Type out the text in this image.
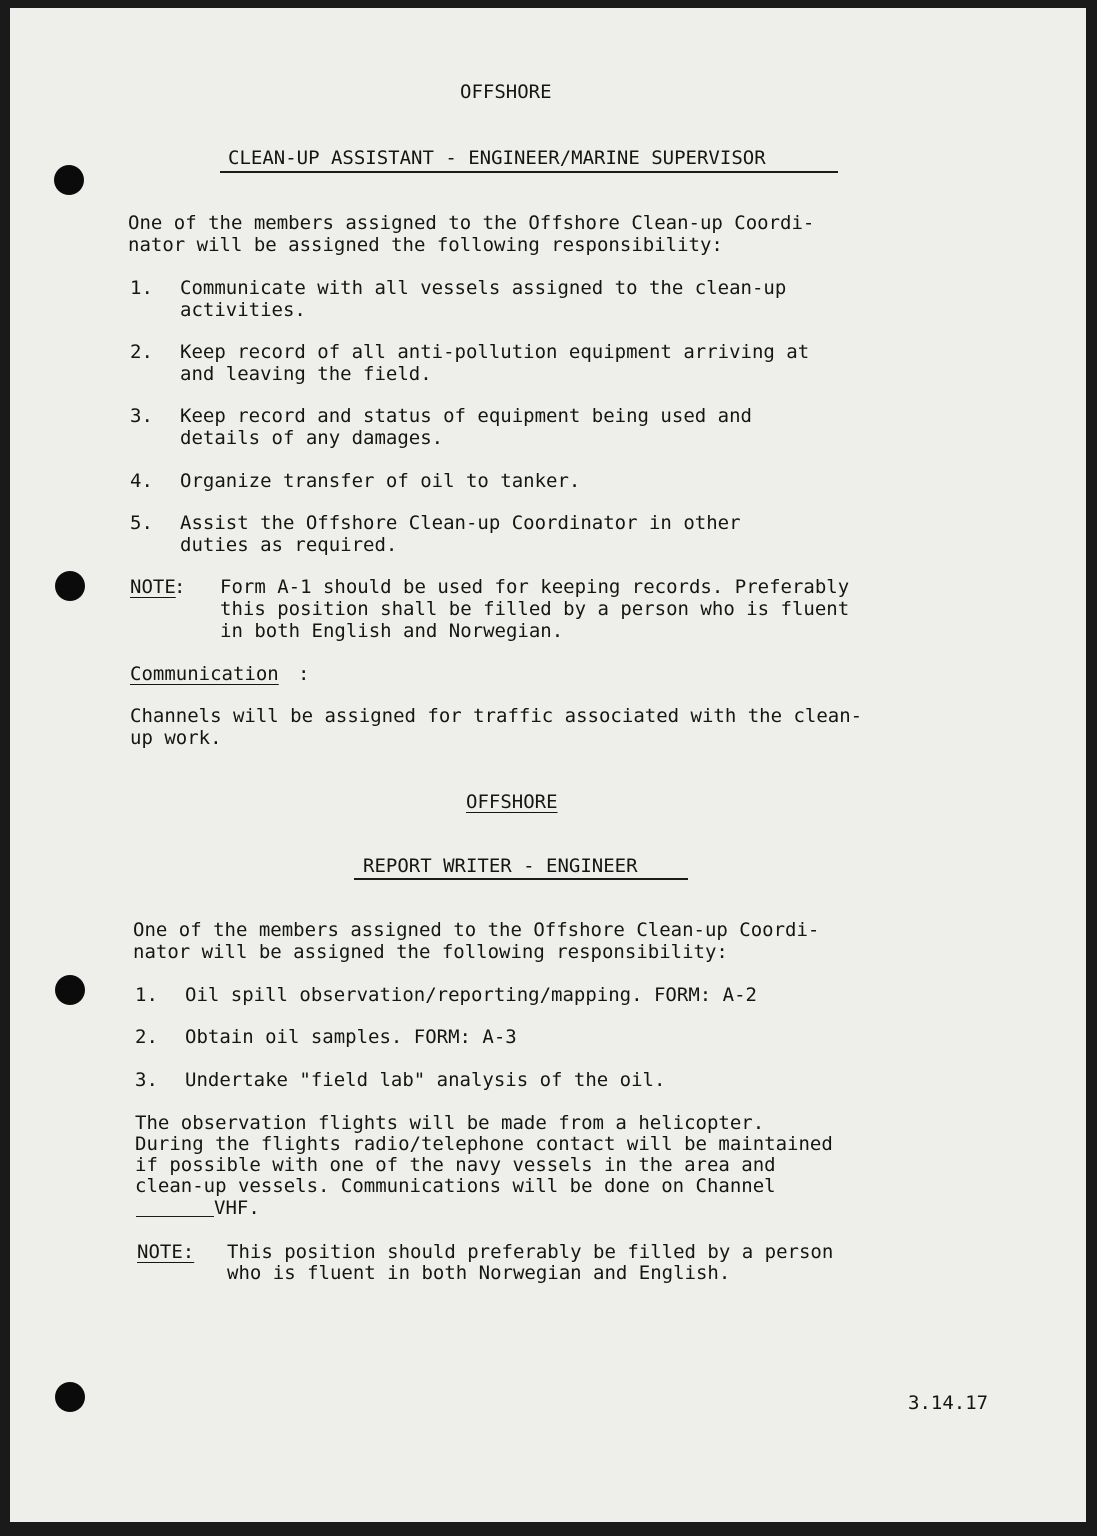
OFFSHORE
CLEAN-UP ASSISTANT - ENGINEER/MARINE SUPERVISOR
One of the members assigned to the Offshore Clean-up Coordi-
nator will be assigned the following responsibility:
1. Communicate with all vessels assigned to the clean-up
activities.
2. Keep record of all anti-pollution equipment arriving at
and leaving the field.
3. Keep record and status of equipment being used and
details of any damages.
4. Organize transfer of oil to tanker.
5. Assist the Offshore Clean-up Coordinator in other
duties as required.
NOTE
: Form A-1 should be used for keeping records. Preferably
this position shall be filled by a person who is fluent
in both English and Norwegian.
Communication :
Channels will be assigned for traffic associated with the clean-
up work.
OFFSHORE
REPORT WRITER - ENGINEER
One of the members assigned to the Offshore Clean-up Coordi-
nator will be assigned the following responsibility:
1. Oil spill observation/reporting/mapping. FORM: A-2
2. Obtain oil samples. FORM: A-3
3. Undertake "field lab" analysis of the oil.
The observation flights will be made from a helicopter.
During the flights radio/telephone contact will be maintained
if possible with one of the navy vessels in the area and
clean-up vessels. Communications will be done on Channel
VHF.
NOTE: This position should preferably be filled by a person
who is fluent in both Norwegian and English.
3.14.17
